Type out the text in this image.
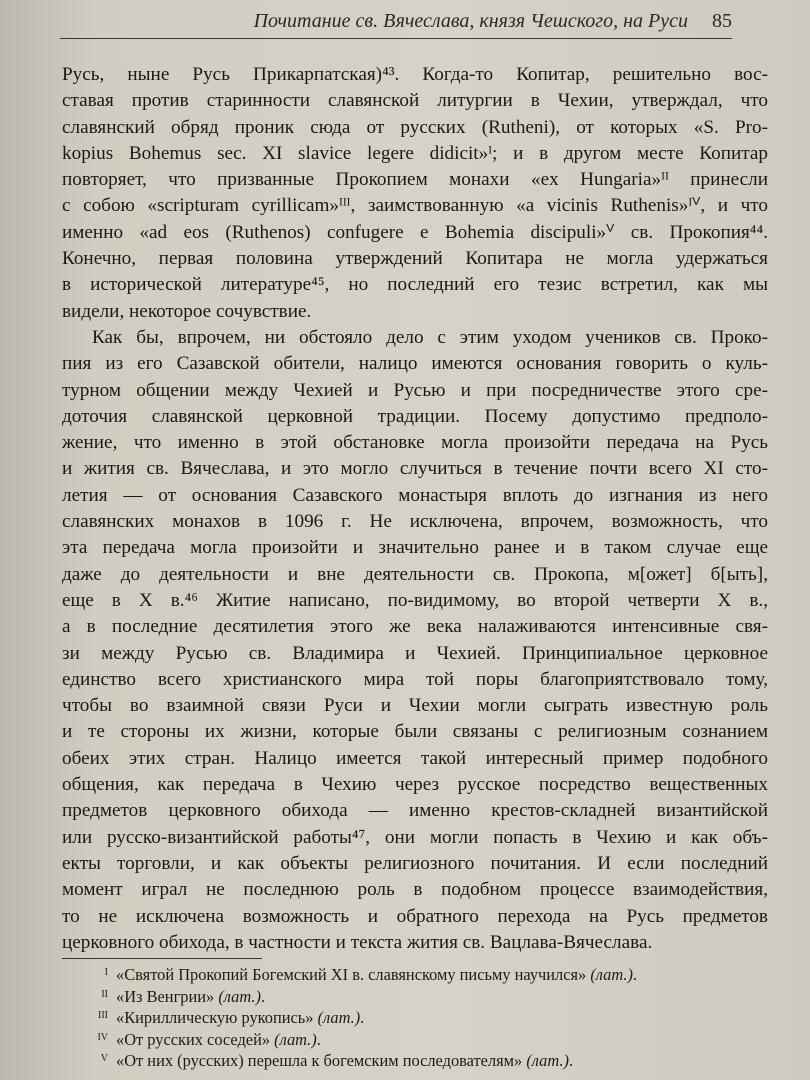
Почитание св. Вячеслава, князя Чешского, на Руси 85
Русь, ныне Русь Прикарпатская)⁴³. Когда-то Копитар, решительно вос-
ставая против старинности славянской литургии в Чехии, утверждал, что
славянский обряд проник сюда от русских (Rutheni), от которых «S. Pro-
kopius Bohemus sec. XI slavice legere didicit»ᴵ; и в другом месте Копитар
повторяет, что призванные Прокопием монахи «ex Hungaria»ᴵᴵ принесли
с собою «scripturam cyrillicam»ᴵᴵᴵ, заимствованную «a vicinis Ruthenis»ᴵⱽ, и что
именно «ad eos (Ruthenos) confugere e Bohemia discipuli»ⱽ св. Прокопия⁴⁴.
Конечно, первая половина утверждений Копитара не могла удержаться
в исторической литературе⁴⁵, но последний его тезис встретил, как мы
видели, некоторое сочувствие.
Как бы, впрочем, ни обстояло дело с этим уходом учеников св. Проко-
пия из его Сазавской обители, налицо имеются основания говорить о куль-
турном общении между Чехией и Русью и при посредничестве этого сре-
доточия славянской церковной традиции. Посему допустимо предполо-
жение, что именно в этой обстановке могла произойти передача на Русь
и жития св. Вячеслава, и это могло случиться в течение почти всего XI сто-
летия — от основания Сазавского монастыря вплоть до изгнания из него
славянских монахов в 1096 г. Не исключена, впрочем, возможность, что
эта передача могла произойти и значительно ранее и в таком случае еще
даже до деятельности и вне деятельности св. Прокопа, м[ожет] б[ыть],
еще в X в.⁴⁶ Житие написано, по-видимому, во второй четверти X в.,
а в последние десятилетия этого же века налаживаются интенсивные свя-
зи между Русью св. Владимира и Чехией. Принципиальное церковное
единство всего христианского мира той поры благоприятствовало тому,
чтобы во взаимной связи Руси и Чехии могли сыграть известную роль
и те стороны их жизни, которые были связаны с религиозным сознанием
обеих этих стран. Налицо имеется такой интересный пример подобного
общения, как передача в Чехию через русское посредство вещественных
предметов церковного обихода — именно крестов-складней византийской
или русско-византийской работы⁴⁷, они могли попасть в Чехию и как объ-
екты торговли, и как объекты религиозного почитания. И если последний
момент играл не последнюю роль в подобном процессе взаимодействия,
то не исключена возможность и обратного перехода на Русь предметов
церковного обихода, в частности и текста жития св. Вацлава-Вячеслава.
I «Святой Прокопий Богемский XI в. славянскому письму научился» (лат.).
II «Из Венгрии» (лат.).
III «Кириллическую рукопись» (лат.).
IV «От русских соседей» (лат.).
V «От них (русских) перешла к богемским последователям» (лат.).
